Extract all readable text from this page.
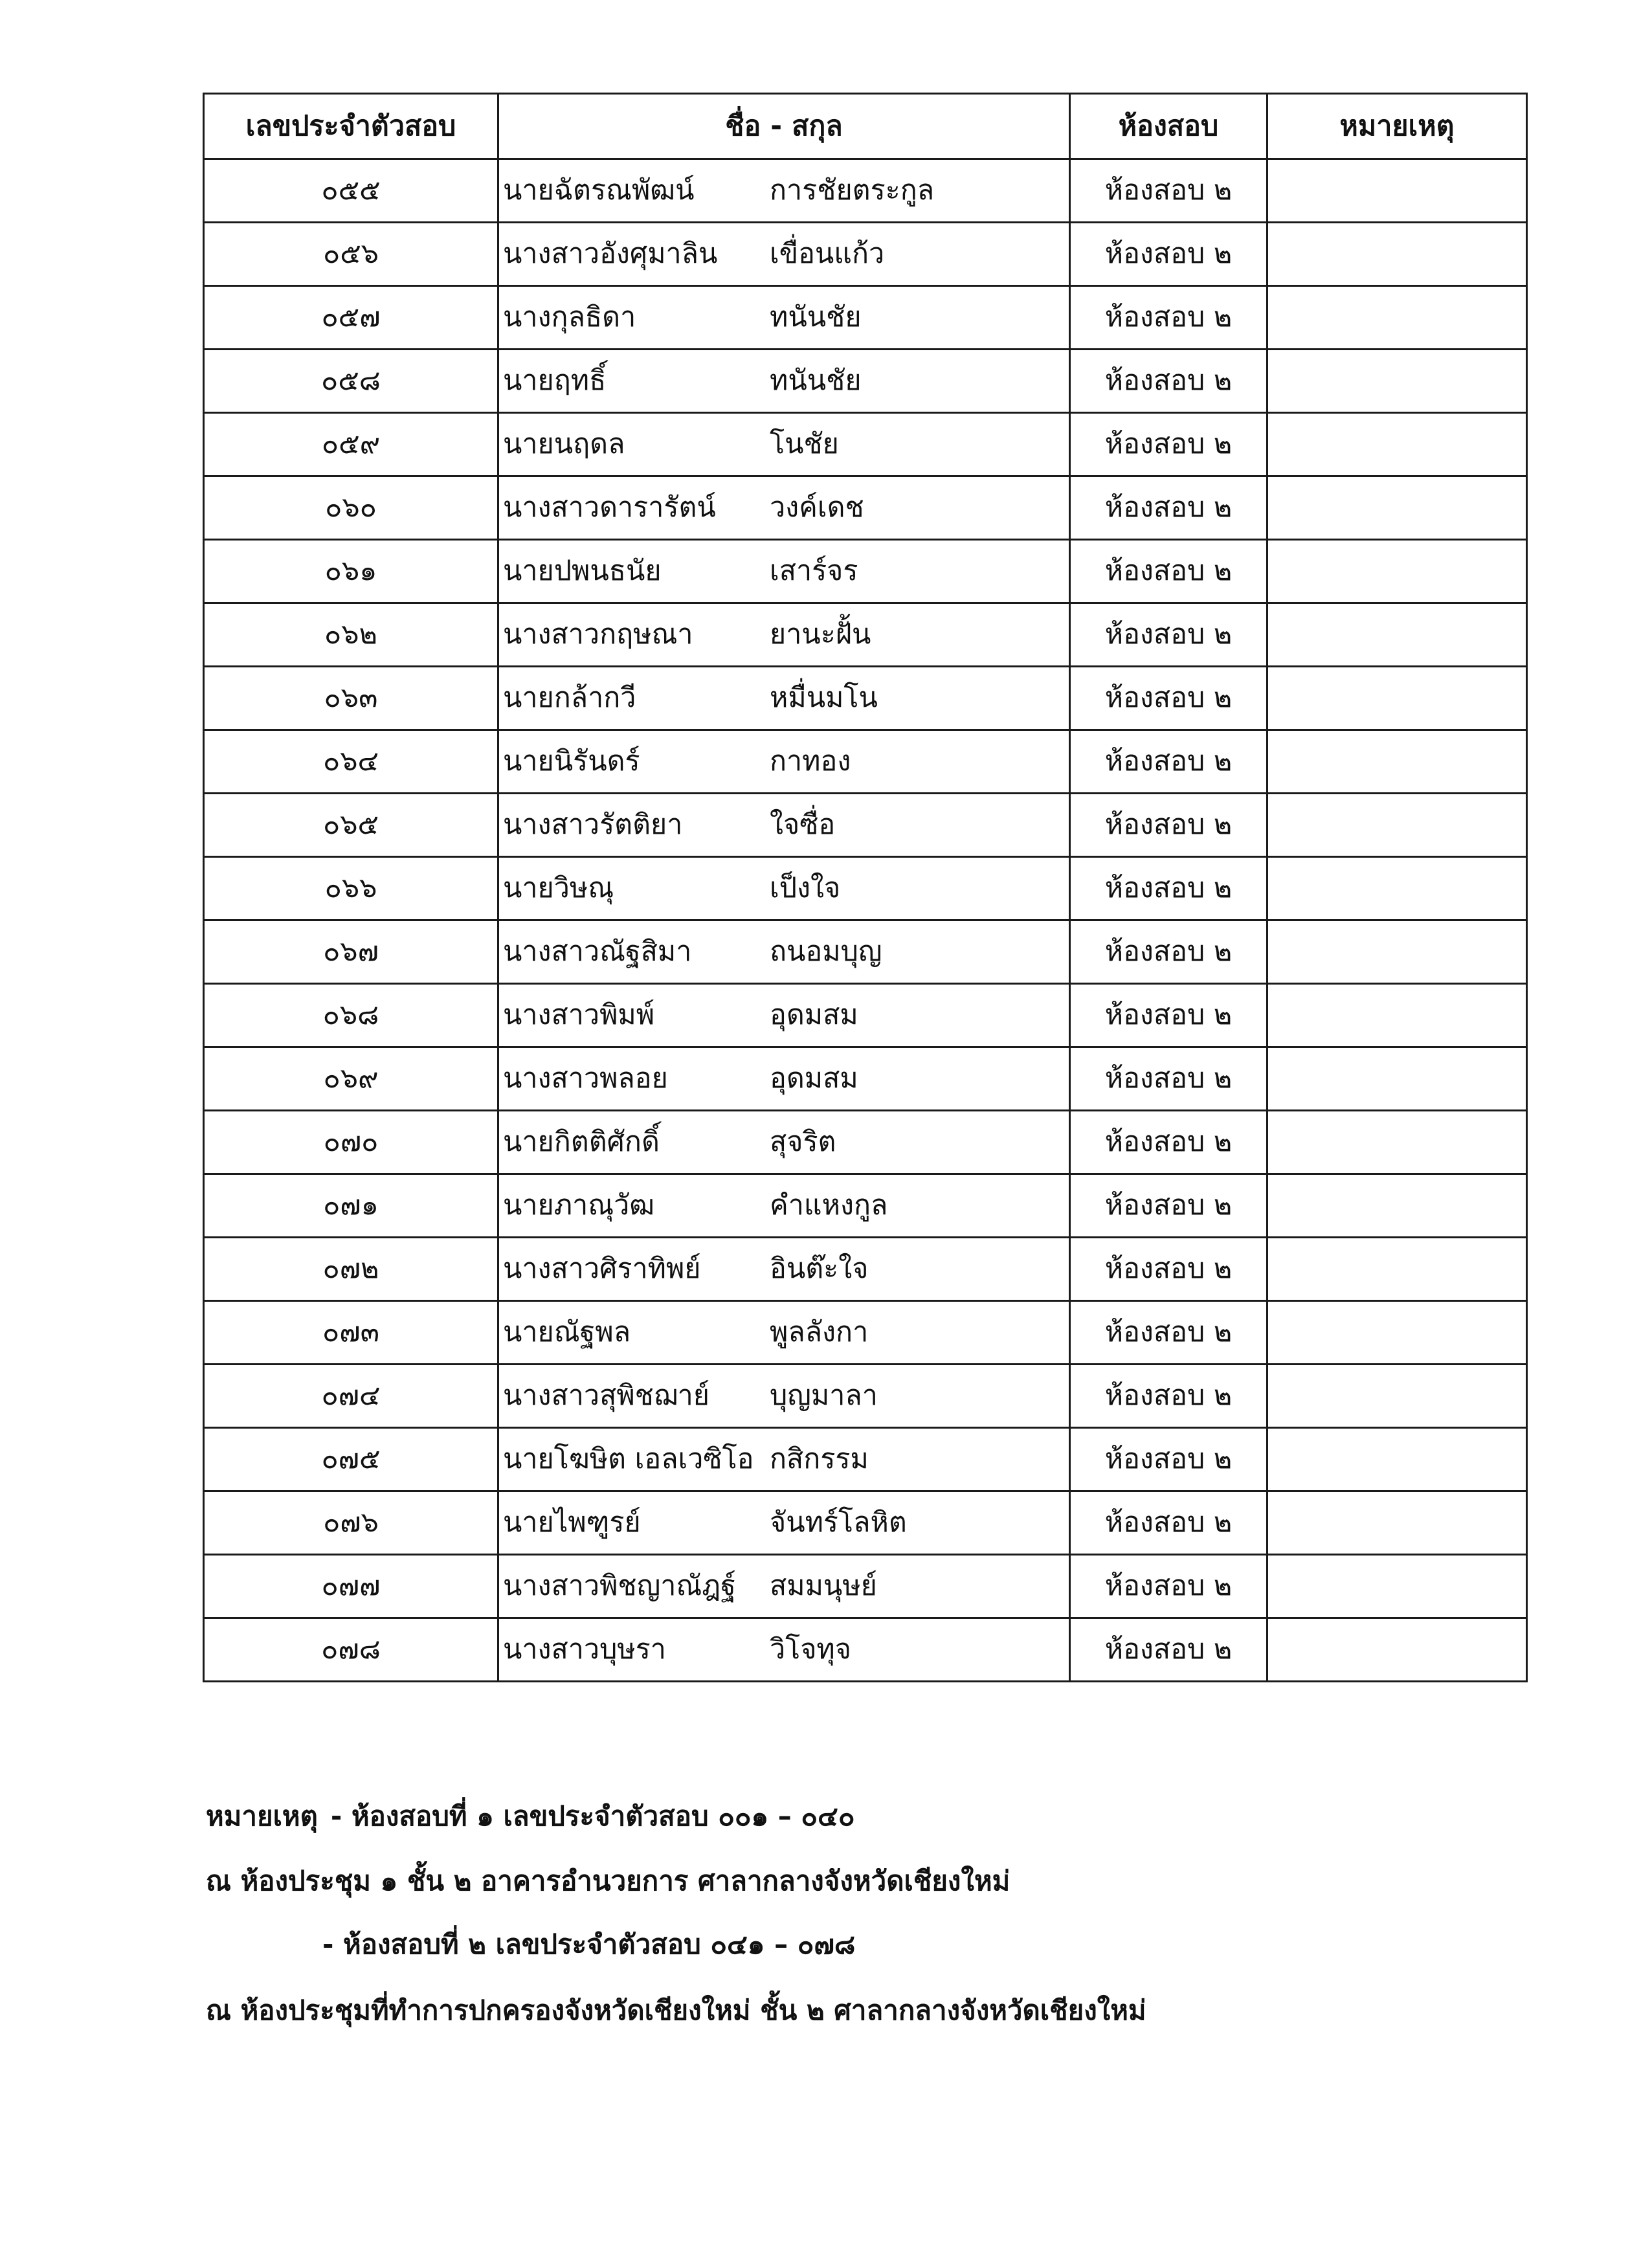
เลขประจำตัวสอบ	ชื่อ - สกุล	ห้องสอบ	หมายเหตุ
๐๕๕	นายฉัตรณพัฒน์ การชัยตระกูล	ห้องสอบ ๒	
๐๕๖	นางสาวอังศุมาลิน เขื่อนแก้ว	ห้องสอบ ๒	
๐๕๗	นางกุลธิดา ทนันชัย	ห้องสอบ ๒	
๐๕๘	นายฤทธิ์ ทนันชัย	ห้องสอบ ๒	
๐๕๙	นายนฤดล โนชัย	ห้องสอบ ๒	
๐๖๐	นางสาวดารารัตน์ วงค์เดช	ห้องสอบ ๒	
๐๖๑	นายปพนธนัย เสาร์จร	ห้องสอบ ๒	
๐๖๒	นางสาวกฤษณา ยานะฝั้น	ห้องสอบ ๒	
๐๖๓	นายกล้ากวี หมื่นมโน	ห้องสอบ ๒	
๐๖๔	นายนิรันดร์ กาทอง	ห้องสอบ ๒	
๐๖๕	นางสาวรัตติยา ใจซื่อ	ห้องสอบ ๒	
๐๖๖	นายวิษณุ เป็งใจ	ห้องสอบ ๒	
๐๖๗	นางสาวณัฐสิมา ถนอมบุญ	ห้องสอบ ๒	
๐๖๘	นางสาวพิมพ์ อุดมสม	ห้องสอบ ๒	
๐๖๙	นางสาวพลอย อุดมสม	ห้องสอบ ๒	
๐๗๐	นายกิตติศักดิ์ สุจริต	ห้องสอบ ๒	
๐๗๑	นายภาณุวัฒ คำแหงกูล	ห้องสอบ ๒	
๐๗๒	นางสาวศิราทิพย์ อินต๊ะใจ	ห้องสอบ ๒	
๐๗๓	นายณัฐพล พูลลังกา	ห้องสอบ ๒	
๐๗๔	นางสาวสุพิชฌาย์ บุญมาลา	ห้องสอบ ๒	
๐๗๕	นายโฆษิต เอลเวซิโอ กสิกรรม	ห้องสอบ ๒	
๐๗๖	นายไพฑูรย์ จันทร์โลหิต	ห้องสอบ ๒	
๐๗๗	นางสาวพิชญาณัฎฐ์ สมมนุษย์	ห้องสอบ ๒	
๐๗๘	นางสาวบุษรา วิโจทุจ	ห้องสอบ ๒	
หมายเหตุ - ห้องสอบที่ ๑ เลขประจำตัวสอบ ๐๐๑ – ๐๔๐
ณ ห้องประชุม ๑ ชั้น ๒ อาคารอำนวยการ ศาลากลางจังหวัดเชียงใหม่
- ห้องสอบที่ ๒ เลขประจำตัวสอบ ๐๔๑ – ๐๗๘
ณ ห้องประชุมที่ทำการปกครองจังหวัดเชียงใหม่ ชั้น ๒ ศาลากลางจังหวัดเชียงใหม่
